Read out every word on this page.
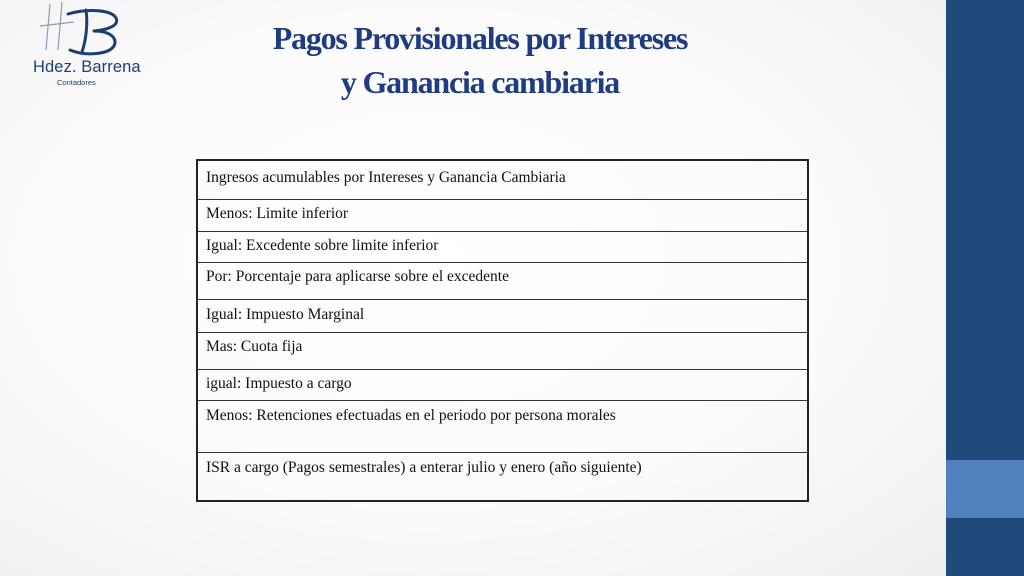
Hdez. Barrena
Contadores
Pagos Provisionales por Intereses
y Ganancia cambiaria
Ingresos acumulables por Intereses y Ganancia Cambiaria
Menos: Limite inferior
Igual: Excedente sobre limite inferior
Por: Porcentaje para aplicarse sobre el excedente
Igual: Impuesto Marginal
Mas: Cuota fija
igual: Impuesto a cargo
Menos: Retenciones efectuadas en el periodo por persona morales
ISR a cargo (Pagos semestrales) a enterar julio y enero (año siguiente)
